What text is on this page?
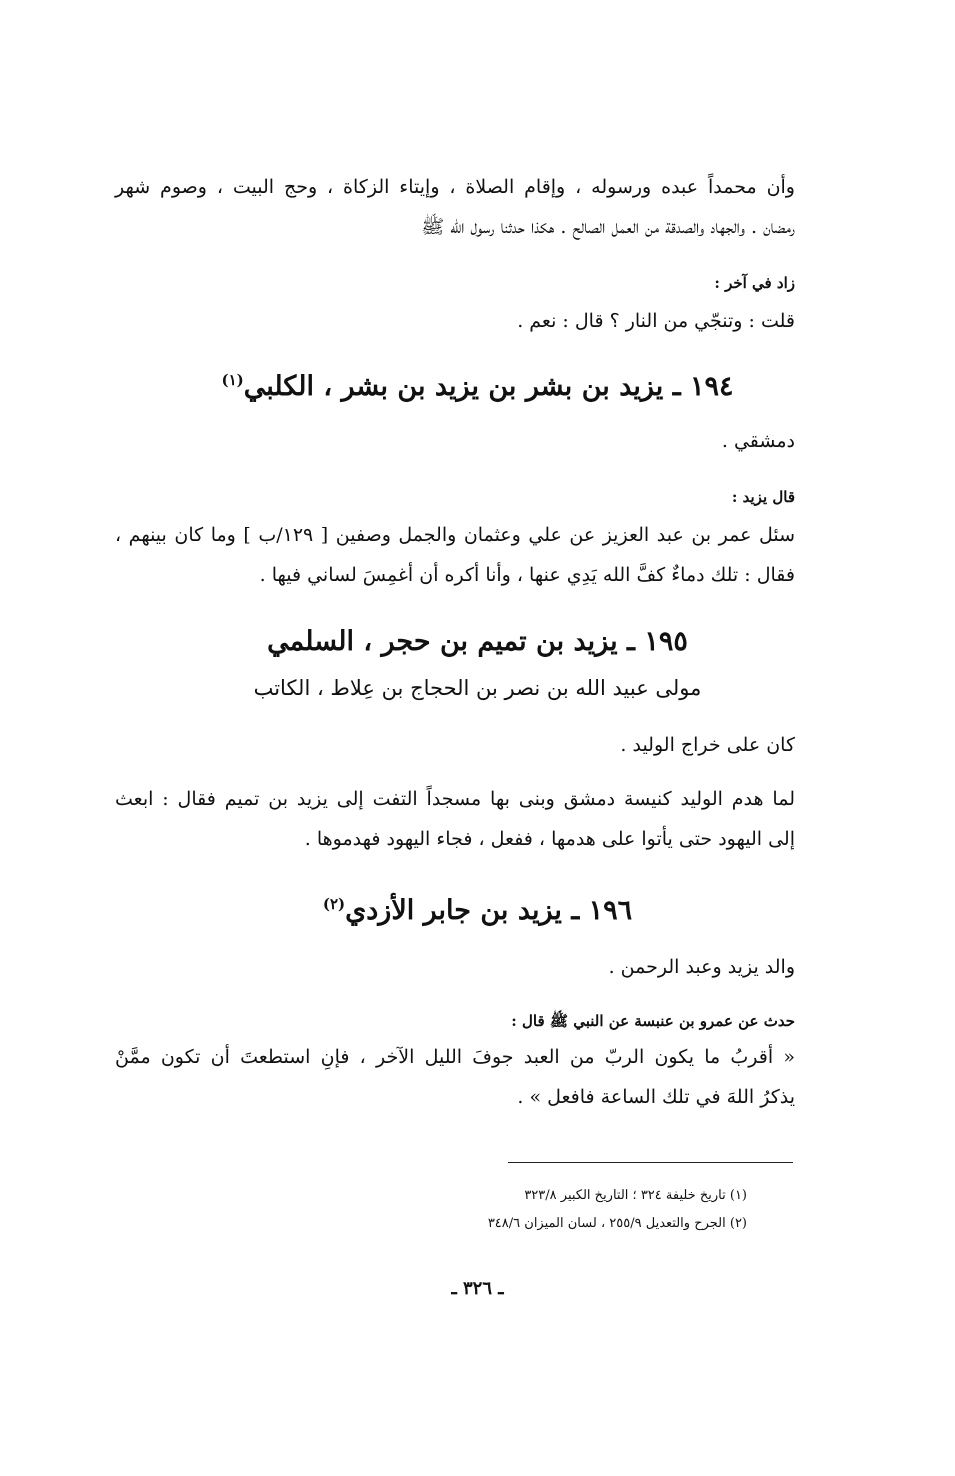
وأن محمداً عبده ورسوله ، وإقام الصلاة ، وإيتاء الزكاة ، وحج البيت ، وصوم شهر
رمضان . والجهاد والصدقة من العمل الصالح . هكذا حدثنا رسول الله ﷺ
زاد في آخر :
قلت : وتنجّي من النار ؟ قال : نعم .
١٩٤ ـ يزيد بن بشر بن يزيد بن بشر ، الكلبي$^{(١)}$
دمشقي .
قال يزيد :
سئل عمر بن عبد العزيز عن علي وعثمان والجمل وصفين [ ١٢٩/ب ] وما كان بينهم ،
فقال : تلك دماءٌ كفَّ الله يَدِي عنها ، وأنا أكره أن أغمِسَ لساني فيها .
١٩٥ ـ يزيد بن تميم بن حجر ، السلمي
مولى عبيد الله بن نصر بن الحجاج بن عِلاط ، الكاتب
كان على خراج الوليد .
لما هدم الوليد كنيسة دمشق وبنى بها مسجداً التفت إلى يزيد بن تميم فقال : ابعث
إلى اليهود حتى يأتوا على هدمها ، ففعل ، فجاء اليهود فهدموها .
١٩٦ ـ يزيد بن جابر الأزدي$^{(٢)}$
والد يزيد وعبد الرحمن .
حدث عن عمرو بن عنبسة عن النبي ﷺ قال :
« أقربُ ما يكون الربّ من العبد جوفَ الليل الآخر ، فإنِ استطعتَ أن تكون ممَّنْ
يذكرُ اللهَ في تلك الساعة فافعل » .
(١) تاريخ خليفة ٣٢٤ ؛ التاريخ الكبير ٣٢٣/٨
(٢) الجرح والتعديل ٢٥٥/٩ ، لسان الميزان ٣٤٨/٦
ـ ٣٢٦ ـ
